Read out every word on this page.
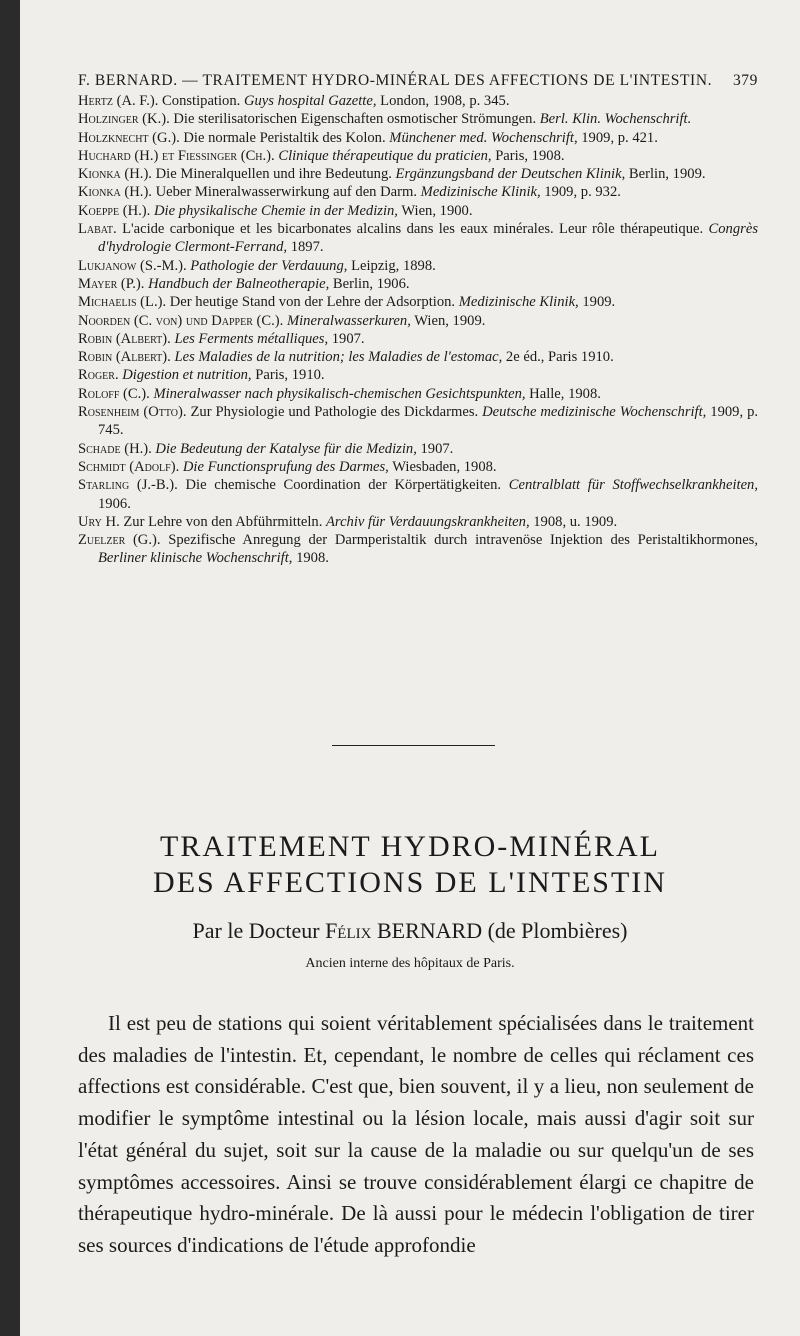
F. BERNARD. — TRAITEMENT HYDRO-MINÉRAL DES AFFECTIONS DE L'INTESTIN. 379
Hertz (A. F.). Constipation. Guys hospital Gazette, London, 1908, p. 345.
Holzinger (K.). Die sterilisatorischen Eigenschaften osmotischer Strömungen. Berl. Klin. Wochenschrift.
Holzknecht (G.). Die normale Peristaltik des Kolon. Münchener med. Wochenschrift, 1909, p. 421.
Huchard (H.) et Fiessinger (Ch.). Clinique thérapeutique du praticien, Paris, 1908.
Kionka (H.). Die Mineralquellen und ihre Bedeutung. Ergänzungsband der Deutschen Klinik, Berlin, 1909.
Kionka (H.). Ueber Mineralwasserwirkung auf den Darm. Medizinische Klinik, 1909, p. 932.
Koeppe (H.). Die physikalische Chemie in der Medizin, Wien, 1900.
Labat. L'acide carbonique et les bicarbonates alcalins dans les eaux minérales. Leur rôle thérapeutique. Congrès d'hydrologie Clermont-Ferrand, 1897.
Lukjanow (S.-M.). Pathologie der Verdauung, Leipzig, 1898.
Mayer (P.). Handbuch der Balneotherapie, Berlin, 1906.
Michaelis (L.). Der heutige Stand von der Lehre der Adsorption. Medizinische Klinik, 1909.
Noorden (C. von) und Dapper (C.). Mineralwasserkuren, Wien, 1909.
Robin (Albert). Les Ferments métalliques, 1907.
Robin (Albert). Les Maladies de la nutrition; les Maladies de l'estomac, 2e éd., Paris 1910.
Roger. Digestion et nutrition, Paris, 1910.
Roloff (C.). Mineralwasser nach physikalisch-chemischen Gesichtspunkten, Halle, 1908.
Rosenheim (Otto). Zur Physiologie und Pathologie des Dickdarmes. Deutsche medizinische Wochenschrift, 1909, p. 745.
Schade (H.). Die Bedeutung der Katalyse für die Medizin, 1907.
Schmidt (Adolf). Die Functionsprufung des Darmes, Wiesbaden, 1908.
Starling (J.-B.). Die chemische Coordination der Körpertätigkeiten. Centralblatt für Stoffwechselkrankheiten, 1906.
Ury H. Zur Lehre von den Abführmitteln. Archiv für Verdauungskrankheiten, 1908, u. 1909.
Zuelzer (G.). Spezifische Anregung der Darmperistaltik durch intravenöse Injektion des Peristaltikhormones, Berliner klinische Wochenschrift, 1908.
TRAITEMENT HYDRO-MINÉRAL
DES AFFECTIONS DE L'INTESTIN
Par le Docteur Félix BERNARD (de Plombières)
Ancien interne des hôpitaux de Paris.

Il est peu de stations qui soient véritablement spécialisées dans le traitement des maladies de l'intestin. Et, cependant, le nombre de celles qui réclament ces affections est considérable. C'est que, bien souvent, il y a lieu, non seulement de modifier le symptôme intestinal ou la lésion locale, mais aussi d'agir soit sur l'état général du sujet, soit sur la cause de la maladie ou sur quelqu'un de ses symptômes accessoires. Ainsi se trouve considérablement élargi ce chapitre de thérapeutique hydro-minérale. De là aussi pour le médecin l'obligation de tirer ses sources d'indications de l'étude approfondie
